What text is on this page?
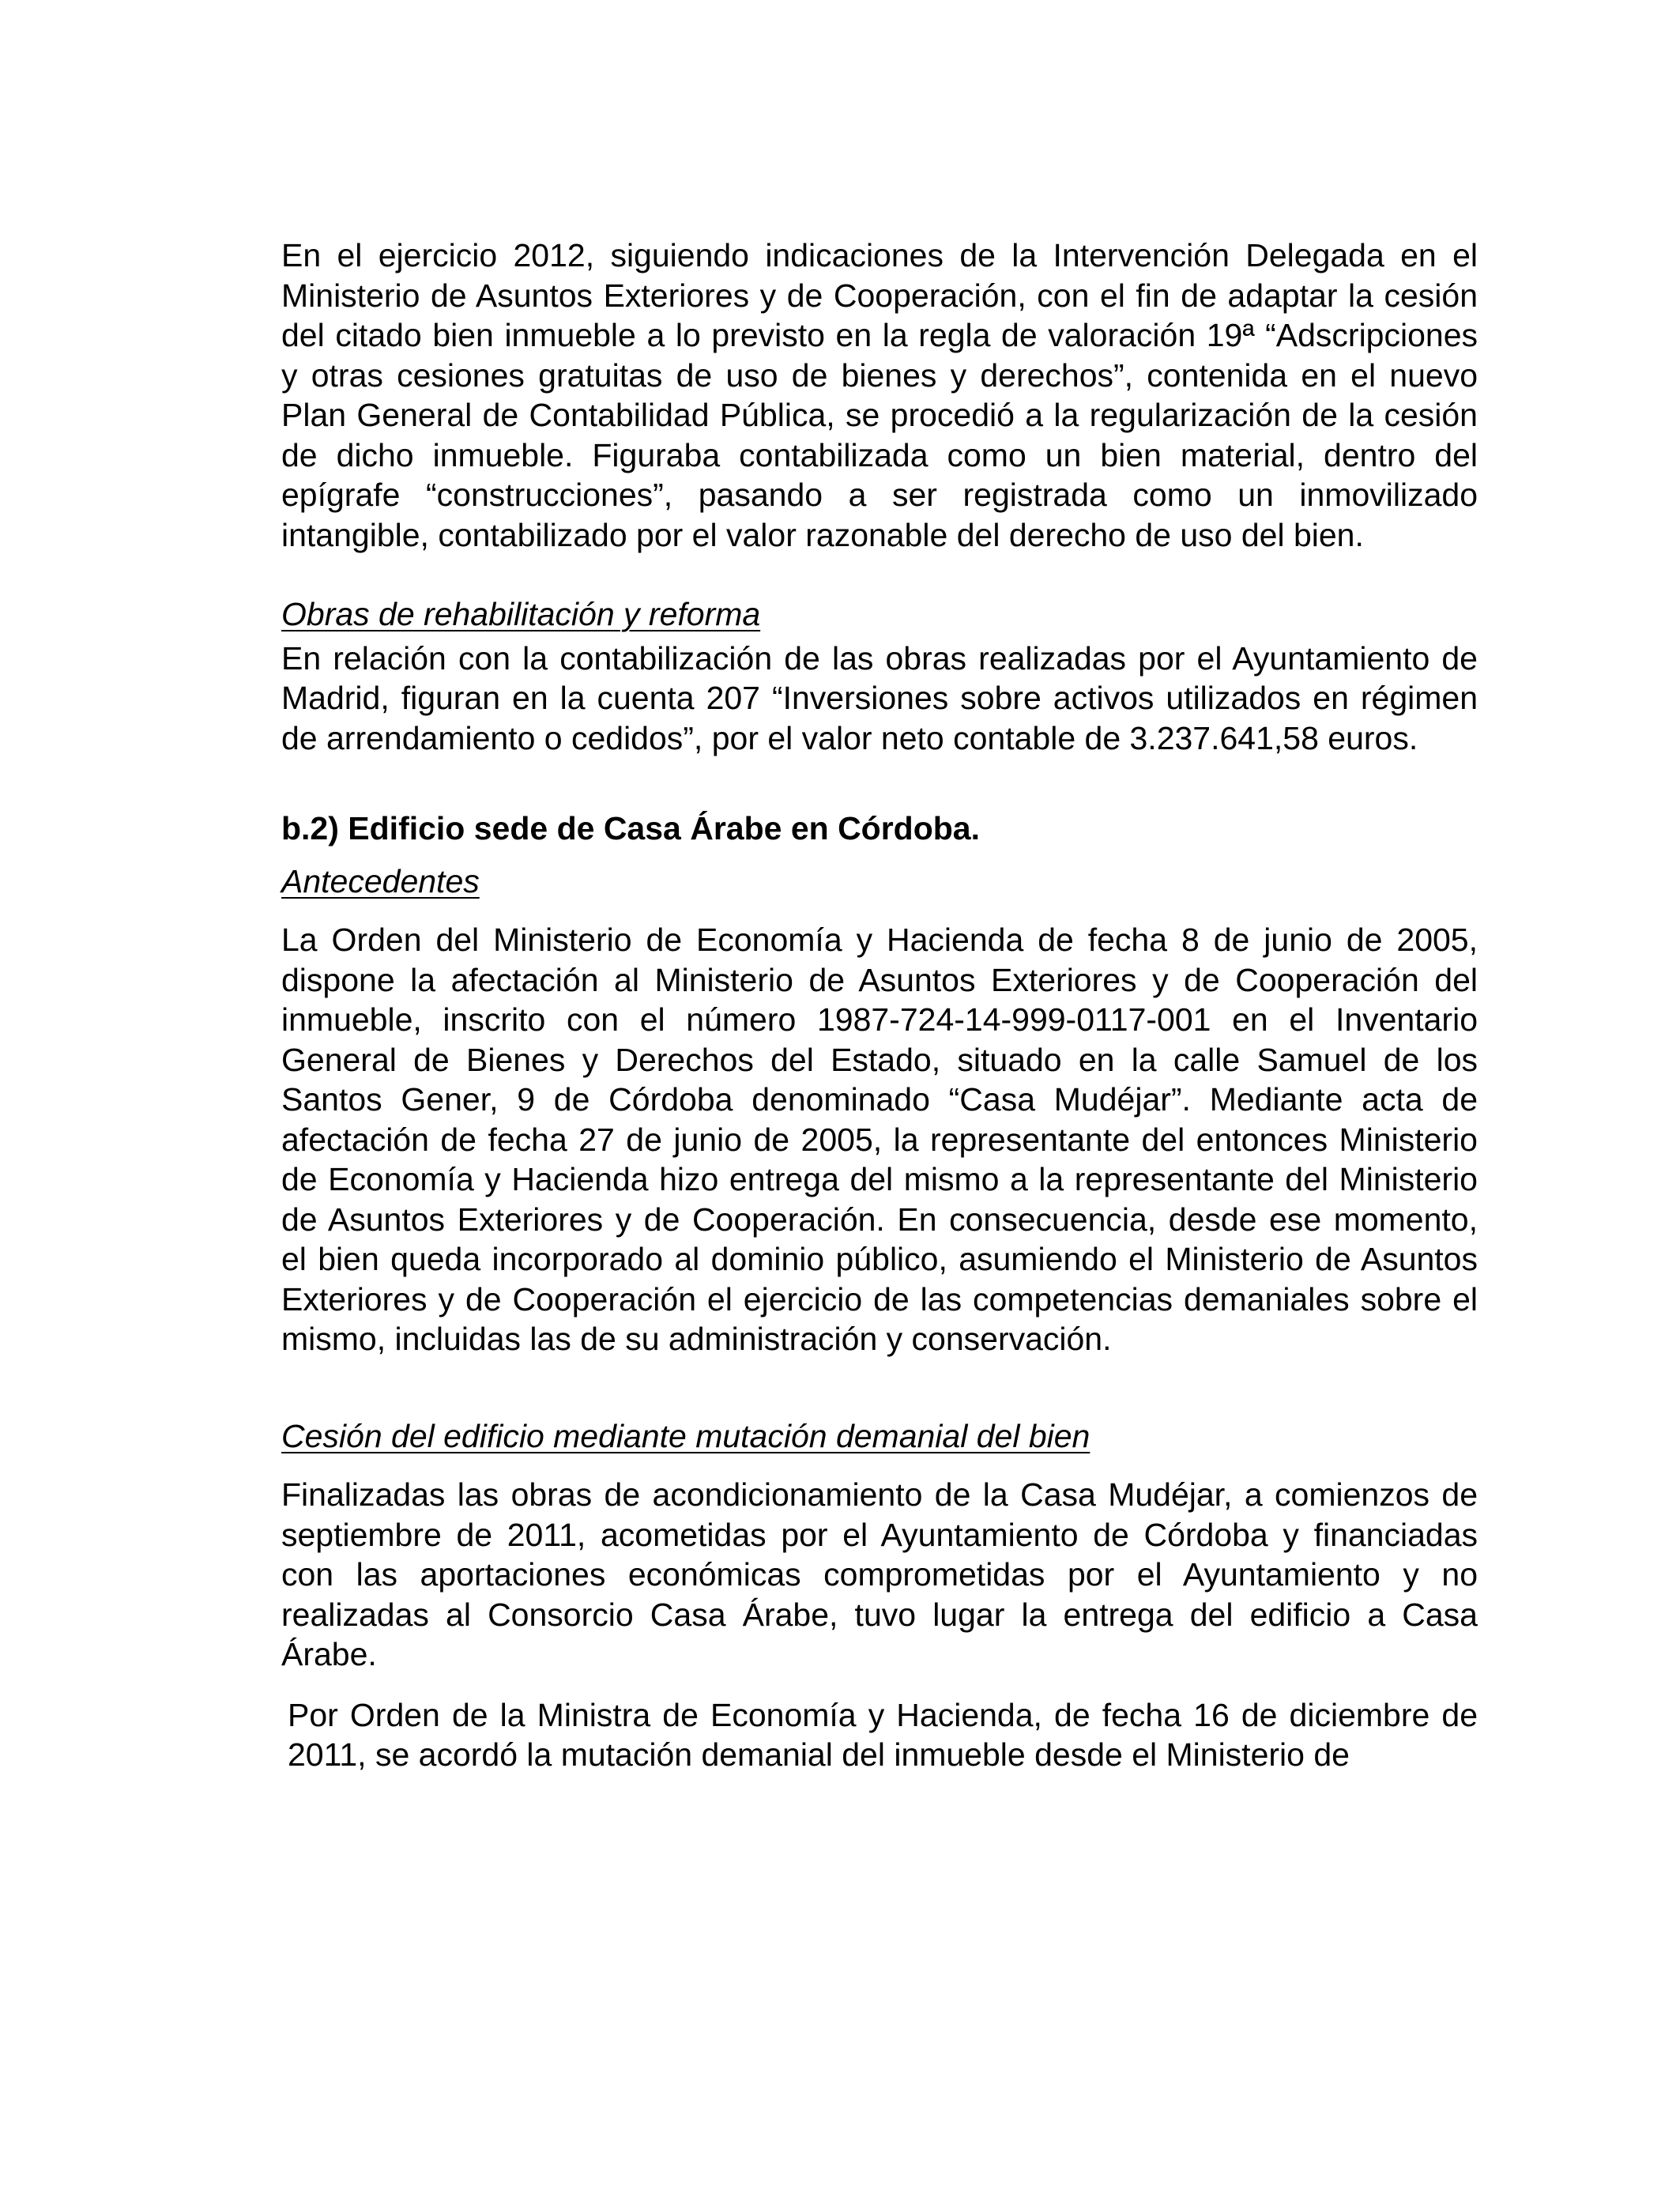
En el ejercicio 2012, siguiendo indicaciones de la Intervención Delegada en el Ministerio de Asuntos Exteriores y de Cooperación, con el fin de adaptar la cesión del citado bien inmueble a lo previsto en la regla de valoración 19ª “Adscripciones y otras cesiones gratuitas de uso de bienes y derechos”, contenida en el nuevo Plan General de Contabilidad Pública, se procedió a la regularización de la cesión de dicho inmueble. Figuraba contabilizada como un bien material, dentro del epígrafe “construcciones”, pasando a ser registrada como un inmovilizado intangible, contabilizado por el valor razonable del derecho de uso del bien.

Obras de rehabilitación y reforma

En relación con la contabilización de las obras realizadas por el Ayuntamiento de Madrid, figuran en la cuenta 207 “Inversiones sobre activos utilizados en régimen de arrendamiento o cedidos”, por el valor neto contable de 3.237.641,58 euros.

b.2) Edificio sede de Casa Árabe en Córdoba.

Antecedentes

La Orden del Ministerio de Economía y Hacienda de fecha 8 de junio de 2005, dispone la afectación al Ministerio de Asuntos Exteriores y de Cooperación del inmueble, inscrito con el número 1987-724-14-999-0117-001 en el Inventario General de Bienes y Derechos del Estado, situado en la calle Samuel de los Santos Gener, 9 de Córdoba denominado “Casa Mudéjar”. Mediante acta de afectación de fecha 27 de junio de 2005, la representante del entonces Ministerio de Economía y Hacienda hizo entrega del mismo a la representante del Ministerio de Asuntos Exteriores y de Cooperación. En consecuencia, desde ese momento, el bien queda incorporado al dominio público, asumiendo el Ministerio de Asuntos Exteriores y de Cooperación el ejercicio de las competencias demaniales sobre el mismo, incluidas las de su administración y conservación.

Cesión del edificio mediante mutación demanial del bien

Finalizadas las obras de acondicionamiento de la Casa Mudéjar, a comienzos de septiembre de 2011, acometidas por el Ayuntamiento de Córdoba y financiadas con las aportaciones económicas comprometidas por el Ayuntamiento y no realizadas al Consorcio Casa Árabe, tuvo lugar la entrega del edificio a Casa Árabe.

Por Orden de la Ministra de Economía y Hacienda, de fecha 16 de diciembre de 2011, se acordó la mutación demanial del inmueble desde el Ministerio de
